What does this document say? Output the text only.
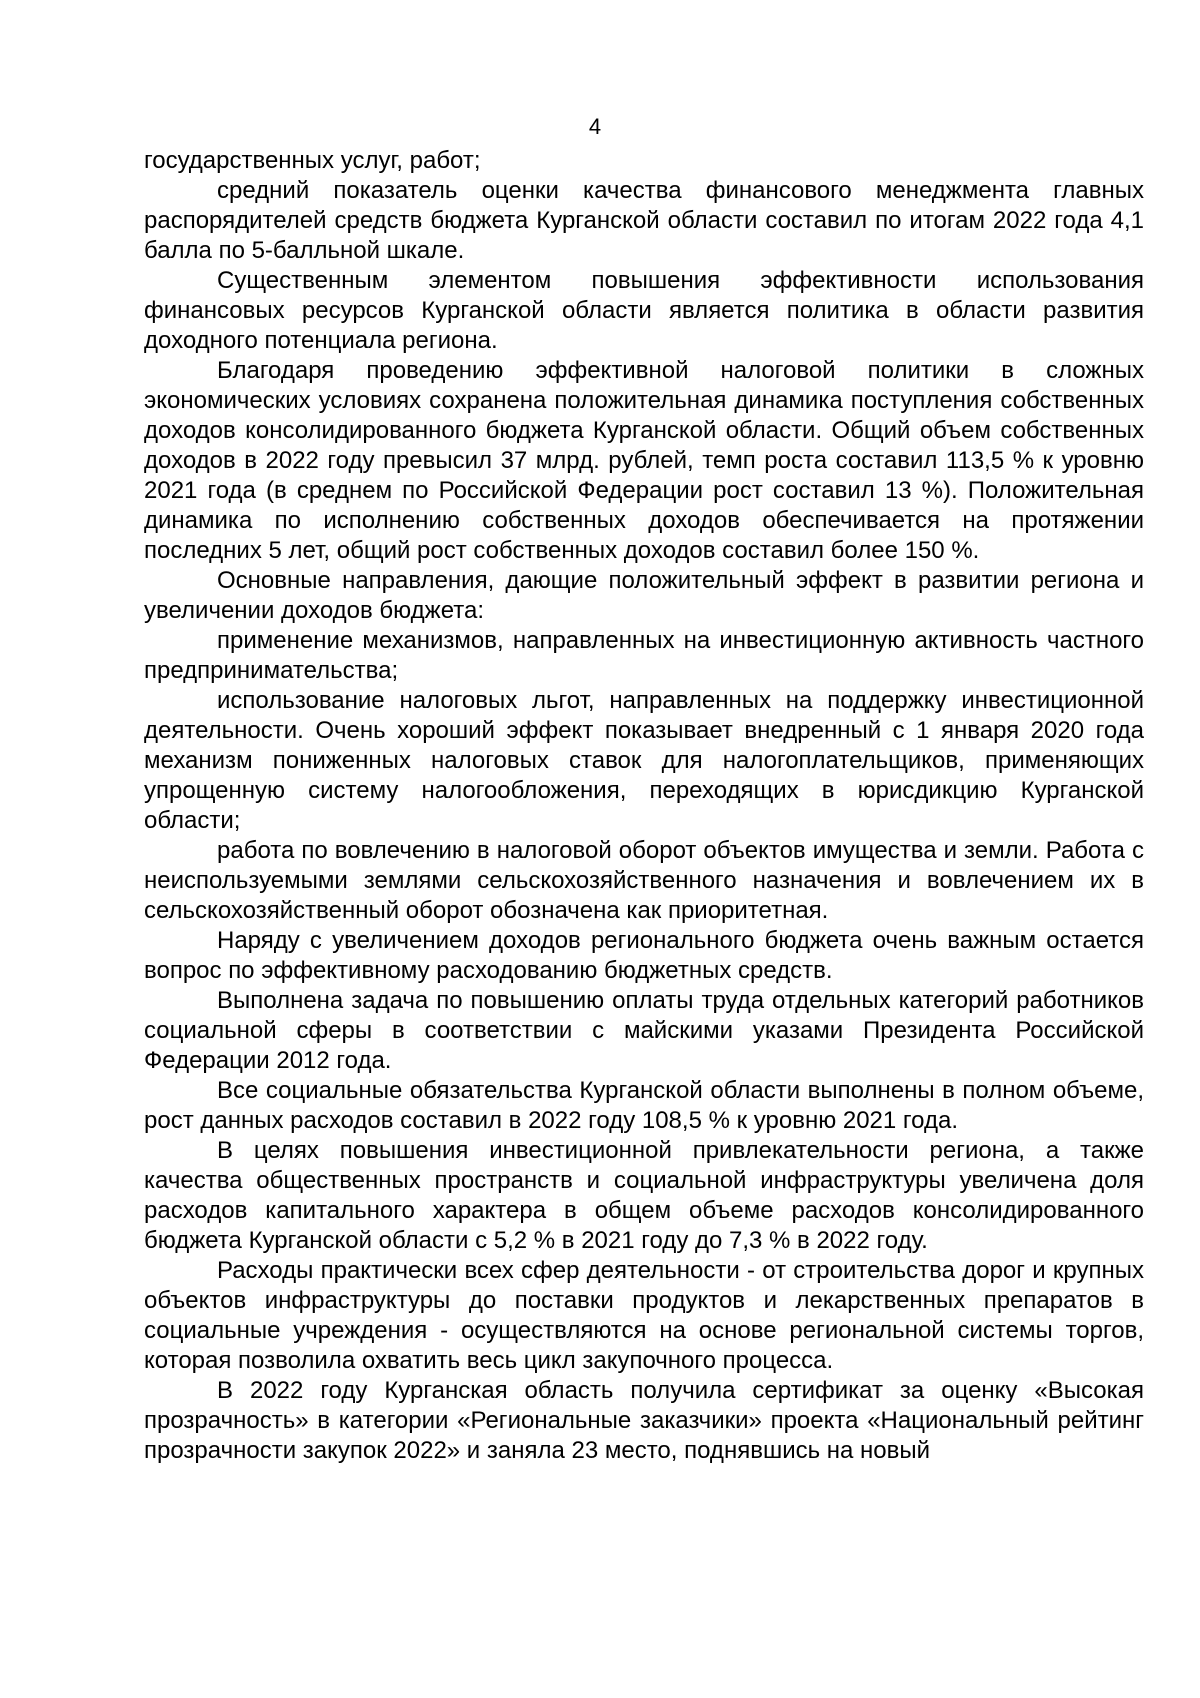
4

государственных услуг, работ;

средний показатель оценки качества финансового менеджмента главных распорядителей средств бюджета Курганской области составил по итогам 2022 года 4,1 балла по 5-балльной шкале.

Существенным элементом повышения эффективности использования финансовых ресурсов Курганской области является политика в области развития доходного потенциала региона.

Благодаря проведению эффективной налоговой политики в сложных экономических условиях сохранена положительная динамика поступления собственных доходов консолидированного бюджета Курганской области. Общий объем собственных доходов в 2022 году превысил 37 млрд. рублей, темп роста составил 113,5 % к уровню 2021 года (в среднем по Российской Федерации рост составил 13 %). Положительная динамика по исполнению собственных доходов обеспечивается на протяжении последних 5 лет, общий рост собственных доходов составил более 150 %.

Основные направления, дающие положительный эффект в развитии региона и увеличении доходов бюджета:

применение механизмов, направленных на инвестиционную активность частного предпринимательства;

использование налоговых льгот, направленных на поддержку инвестиционной деятельности. Очень хороший эффект показывает внедренный с 1 января 2020 года механизм пониженных налоговых ставок для налогоплательщиков, применяющих упрощенную систему налогообложения, переходящих в юрисдикцию Курганской области;

работа по вовлечению в налоговой оборот объектов имущества и земли. Работа с неиспользуемыми землями сельскохозяйственного назначения и вовлечением их в сельскохозяйственный оборот обозначена как приоритетная.

Наряду с увеличением доходов регионального бюджета очень важным остается вопрос по эффективному расходованию бюджетных средств.

Выполнена задача по повышению оплаты труда отдельных категорий работников социальной сферы в соответствии с майскими указами Президента Российской Федерации 2012 года.

Все социальные обязательства Курганской области выполнены в полном объеме, рост данных расходов составил в 2022 году 108,5 % к уровню 2021 года.

В целях повышения инвестиционной привлекательности региона, а также качества общественных пространств и социальной инфраструктуры увеличена доля расходов капитального характера в общем объеме расходов консолидированного бюджета Курганской области с 5,2 % в 2021 году до 7,3 % в 2022 году.

Расходы практически всех сфер деятельности - от строительства дорог и крупных объектов инфраструктуры до поставки продуктов и лекарственных препаратов в социальные учреждения - осуществляются на основе региональной системы торгов, которая позволила охватить весь цикл закупочного процесса.

В 2022 году Курганская область получила сертификат за оценку «Высокая прозрачность» в категории «Региональные заказчики» проекта «Национальный рейтинг прозрачности закупок 2022» и заняла 23 место, поднявшись на новый
